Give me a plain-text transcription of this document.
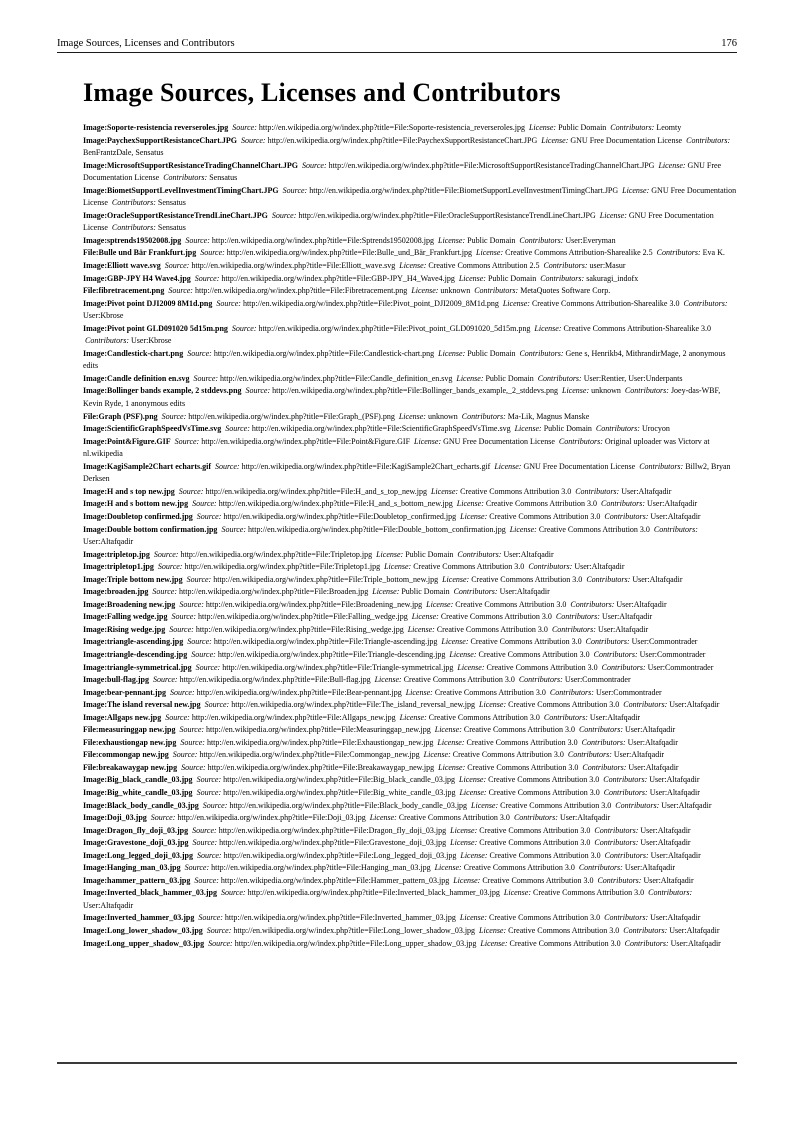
Image Sources, Licenses and Contributors	176
Image Sources, Licenses and Contributors

Image:Soporte-resistencia reverseroles.jpg Source: http://en.wikipedia.org/w/index.php?title=File:Soporte-resistencia_reverseroles.jpg License: Public Domain Contributors: Leomty

Image:PaychexSupportResistanceChart.JPG Source: http://en.wikipedia.org/w/index.php?title=File:PaychexSupportResistanceChart.JPG License: GNU Free Documentation License Contributors: BenFrantzDale, Sensatus

Image:MicrosoftSupportResistanceTradingChannelChart.JPG Source: http://en.wikipedia.org/w/index.php?title=File:MicrosoftSupportResistanceTradingChannelChart.JPG License: GNU Free Documentation License Contributors: Sensatus

Image:BiometSupportLevelInvestmentTimingChart.JPG Source: http://en.wikipedia.org/w/index.php?title=File:BiometSupportLevelInvestmentTimingChart.JPG License: GNU Free Documentation License Contributors: Sensatus

Image:OracleSupportResistanceTrendLineChart.JPG Source: http://en.wikipedia.org/w/index.php?title=File:OracleSupportResistanceTrendLineChart.JPG License: GNU Free Documentation License Contributors: Sensatus

Image:sptrends19502008.jpg Source: http://en.wikipedia.org/w/index.php?title=File:Sptrends19502008.jpg License: Public Domain Contributors: User:Everyman

File:Bulle und Bär Frankfurt.jpg Source: http://en.wikipedia.org/w/index.php?title=File:Bulle_und_Bär_Frankfurt.jpg License: Creative Commons Attribution-Sharealike 2.5 Contributors: Eva K.

Image:Elliott wave.svg Source: http://en.wikipedia.org/w/index.php?title=File:Elliott_wave.svg License: Creative Commons Attribution 2.5 Contributors: user:Masur

Image:GBP-JPY H4 Wave4.jpg Source: http://en.wikipedia.org/w/index.php?title=File:GBP-JPY_H4_Wave4.jpg License: Public Domain Contributors: sakuragi_indofx

File:fibretracement.png Source: http://en.wikipedia.org/w/index.php?title=File:Fibretracement.png License: unknown Contributors: MetaQuotes Software Corp.

Image:Pivot point DJI2009 8M1d.png Source: http://en.wikipedia.org/w/index.php?title=File:Pivot_point_DJI2009_8M1d.png License: Creative Commons Attribution-Sharealike 3.0 Contributors: User:Kbrose

Image:Pivot point GLD091020 5d15m.png Source: http://en.wikipedia.org/w/index.php?title=File:Pivot_point_GLD091020_5d15m.png License: Creative Commons Attribution-Sharealike 3.0  Contributors: User:Kbrose

Image:Candlestick-chart.png Source: http://en.wikipedia.org/w/index.php?title=File:Candlestick-chart.png License: Public Domain Contributors: Gene s, Henrikb4, MithrandirMage, 2 anonymous edits

Image:Candle definition en.svg Source: http://en.wikipedia.org/w/index.php?title=File:Candle_definition_en.svg License: Public Domain Contributors: User:Rentier, User:Underpants

Image:Bollinger bands example, 2 stddevs.png Source: http://en.wikipedia.org/w/index.php?title=File:Bollinger_bands_example,_2_stddevs.png License: unknown Contributors: Joey-das-WBF, Kevin Ryde, 1 anonymous edits

File:Graph (PSF).png Source: http://en.wikipedia.org/w/index.php?title=File:Graph_(PSF).png License: unknown Contributors: Ma-Lik, Magnus Manske

Image:ScientificGraphSpeedVsTime.svg Source: http://en.wikipedia.org/w/index.php?title=File:ScientificGraphSpeedVsTime.svg License: Public Domain Contributors: Urocyon

Image:Point&Figure.GIF Source: http://en.wikipedia.org/w/index.php?title=File:Point&Figure.GIF License: GNU Free Documentation License Contributors: Original uploader was Victorv at nl.wikipedia

Image:KagiSample2Chart echarts.gif Source: http://en.wikipedia.org/w/index.php?title=File:KagiSample2Chart_echarts.gif License: GNU Free Documentation License Contributors: Billw2, Bryan Derksen

Image:H and s top new.jpg Source: http://en.wikipedia.org/w/index.php?title=File:H_and_s_top_new.jpg License: Creative Commons Attribution 3.0 Contributors: User:Altafqadir

Image:H and s bottom new.jpg Source: http://en.wikipedia.org/w/index.php?title=File:H_and_s_bottom_new.jpg License: Creative Commons Attribution 3.0 Contributors: User:Altafqadir

Image:Doubletop confirmed.jpg Source: http://en.wikipedia.org/w/index.php?title=File:Doubletop_confirmed.jpg License: Creative Commons Attribution 3.0 Contributors: User:Altafqadir

Image:Double bottom confirmation.jpg Source: http://en.wikipedia.org/w/index.php?title=File:Double_bottom_confirmation.jpg License: Creative Commons Attribution 3.0 Contributors: User:Altafqadir

Image:tripletop.jpg Source: http://en.wikipedia.org/w/index.php?title=File:Tripletop.jpg License: Public Domain Contributors: User:Altafqadir

Image:tripletop1.jpg Source: http://en.wikipedia.org/w/index.php?title=File:Tripletop1.jpg License: Creative Commons Attribution 3.0 Contributors: User:Altafqadir

Image:Triple bottom new.jpg Source: http://en.wikipedia.org/w/index.php?title=File:Triple_bottom_new.jpg License: Creative Commons Attribution 3.0 Contributors: User:Altafqadir

Image:broaden.jpg Source: http://en.wikipedia.org/w/index.php?title=File:Broaden.jpg License: Public Domain Contributors: User:Altafqadir

Image:Broadening new.jpg Source: http://en.wikipedia.org/w/index.php?title=File:Broadening_new.jpg License: Creative Commons Attribution 3.0 Contributors: User:Altafqadir

Image:Falling wedge.jpg Source: http://en.wikipedia.org/w/index.php?title=File:Falling_wedge.jpg License: Creative Commons Attribution 3.0 Contributors: User:Altafqadir

Image:Rising wedge.jpg Source: http://en.wikipedia.org/w/index.php?title=File:Rising_wedge.jpg License: Creative Commons Attribution 3.0 Contributors: User:Altafqadir

Image:triangle-ascending.jpg Source: http://en.wikipedia.org/w/index.php?title=File:Triangle-ascending.jpg License: Creative Commons Attribution 3.0 Contributors: User:Commontrader

Image:triangle-descending.jpg Source: http://en.wikipedia.org/w/index.php?title=File:Triangle-descending.jpg License: Creative Commons Attribution 3.0 Contributors: User:Commontrader

Image:triangle-symmetrical.jpg Source: http://en.wikipedia.org/w/index.php?title=File:Triangle-symmetrical.jpg License: Creative Commons Attribution 3.0 Contributors: User:Commontrader

Image:bull-flag.jpg Source: http://en.wikipedia.org/w/index.php?title=File:Bull-flag.jpg License: Creative Commons Attribution 3.0 Contributors: User:Commontrader

Image:bear-pennant.jpg Source: http://en.wikipedia.org/w/index.php?title=File:Bear-pennant.jpg License: Creative Commons Attribution 3.0 Contributors: User:Commontrader

Image:The island reversal new.jpg Source: http://en.wikipedia.org/w/index.php?title=File:The_island_reversal_new.jpg License: Creative Commons Attribution 3.0 Contributors: User:Altafqadir

Image:Allgaps new.jpg Source: http://en.wikipedia.org/w/index.php?title=File:Allgaps_new.jpg License: Creative Commons Attribution 3.0 Contributors: User:Altafqadir

File:measuringgap new.jpg Source: http://en.wikipedia.org/w/index.php?title=File:Measuringgap_new.jpg License: Creative Commons Attribution 3.0 Contributors: User:Altafqadir

File:exhaustiongap new.jpg Source: http://en.wikipedia.org/w/index.php?title=File:Exhaustiongap_new.jpg License: Creative Commons Attribution 3.0 Contributors: User:Altafqadir

File:commongap new.jpg Source: http://en.wikipedia.org/w/index.php?title=File:Commongap_new.jpg License: Creative Commons Attribution 3.0 Contributors: User:Altafqadir

File:breakawaygap new.jpg Source: http://en.wikipedia.org/w/index.php?title=File:Breakawaygap_new.jpg License: Creative Commons Attribution 3.0 Contributors: User:Altafqadir

Image:Big_black_candle_03.jpg Source: http://en.wikipedia.org/w/index.php?title=File:Big_black_candle_03.jpg License: Creative Commons Attribution 3.0 Contributors: User:Altafqadir

Image:Big_white_candle_03.jpg Source: http://en.wikipedia.org/w/index.php?title=File:Big_white_candle_03.jpg License: Creative Commons Attribution 3.0 Contributors: User:Altafqadir

Image:Black_body_candle_03.jpg Source: http://en.wikipedia.org/w/index.php?title=File:Black_body_candle_03.jpg License: Creative Commons Attribution 3.0 Contributors: User:Altafqadir

Image:Doji_03.jpg Source: http://en.wikipedia.org/w/index.php?title=File:Doji_03.jpg License: Creative Commons Attribution 3.0 Contributors: User:Altafqadir

Image:Dragon_fly_doji_03.jpg Source: http://en.wikipedia.org/w/index.php?title=File:Dragon_fly_doji_03.jpg License: Creative Commons Attribution 3.0 Contributors: User:Altafqadir

Image:Gravestone_doji_03.jpg Source: http://en.wikipedia.org/w/index.php?title=File:Gravestone_doji_03.jpg License: Creative Commons Attribution 3.0 Contributors: User:Altafqadir

Image:Long_legged_doji_03.jpg Source: http://en.wikipedia.org/w/index.php?title=File:Long_legged_doji_03.jpg License: Creative Commons Attribution 3.0 Contributors: User:Altafqadir

Image:Hanging_man_03.jpg Source: http://en.wikipedia.org/w/index.php?title=File:Hanging_man_03.jpg License: Creative Commons Attribution 3.0 Contributors: User:Altafqadir

Image:hammer_pattern_03.jpg Source: http://en.wikipedia.org/w/index.php?title=File:Hammer_pattern_03.jpg License: Creative Commons Attribution 3.0 Contributors: User:Altafqadir

Image:Inverted_black_hammer_03.jpg Source: http://en.wikipedia.org/w/index.php?title=File:Inverted_black_hammer_03.jpg License: Creative Commons Attribution 3.0 Contributors: User:Altafqadir

Image:Inverted_hammer_03.jpg Source: http://en.wikipedia.org/w/index.php?title=File:Inverted_hammer_03.jpg License: Creative Commons Attribution 3.0 Contributors: User:Altafqadir

Image:Long_lower_shadow_03.jpg Source: http://en.wikipedia.org/w/index.php?title=File:Long_lower_shadow_03.jpg License: Creative Commons Attribution 3.0 Contributors: User:Altafqadir

Image:Long_upper_shadow_03.jpg Source: http://en.wikipedia.org/w/index.php?title=File:Long_upper_shadow_03.jpg License: Creative Commons Attribution 3.0 Contributors: User:Altafqadir
